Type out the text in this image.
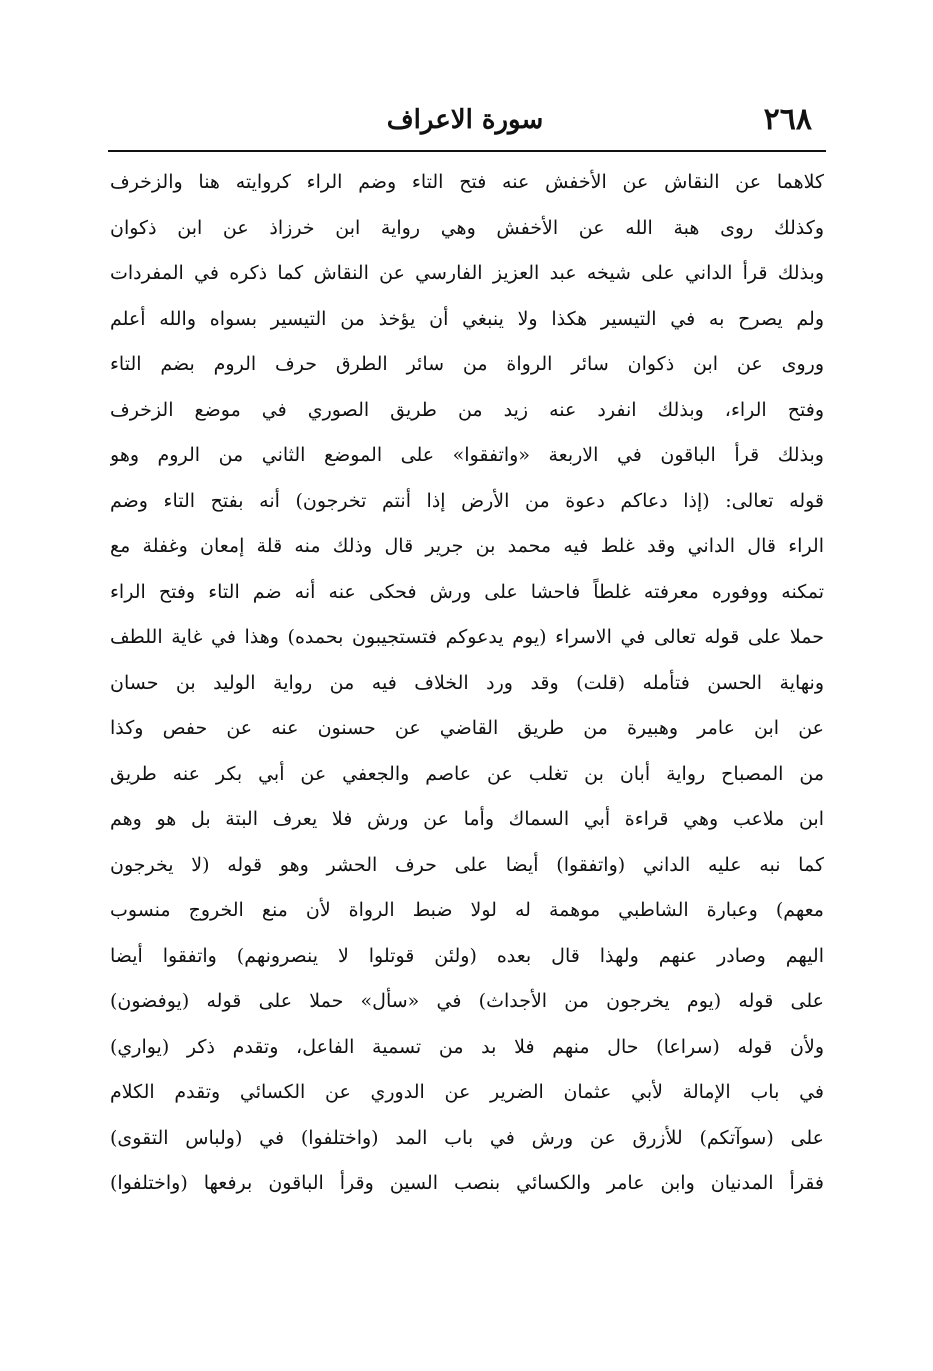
٢٦٨
سورة الاعراف
كلاهما عن النقاش عن الأخفش عنه فتح التاء وضم الراء كروايته هنا والزخرف
وكذلك روى هبة الله عن الأخفش وهي رواية ابن خرزاذ عن ابن ذكوان
وبذلك قرأ الداني على شيخه عبد العزيز الفارسي عن النقاش كما ذكره في المفردات
ولم يصرح به في التيسير هكذا ولا ينبغي أن يؤخذ من التيسير بسواه والله أعلم
وروى عن ابن ذكوان سائر الرواة من سائر الطرق حرف الروم بضم التاء
وفتح الراء، وبذلك انفرد عنه زيد من طريق الصوري في موضع الزخرف
وبذلك قرأ الباقون في الاربعة «واتفقوا» على الموضع الثاني من الروم وهو
قوله تعالى: (إذا دعاكم دعوة من الأرض إذا أنتم تخرجون) أنه بفتح التاء وضم
الراء قال الداني وقد غلط فيه محمد بن جرير قال وذلك منه قلة إمعان وغفلة مع
تمكنه ووفوره معرفته غلطاً فاحشا على ورش فحكى عنه أنه ضم التاء وفتح الراء
حملا على قوله تعالى في الاسراء (يوم يدعوكم فتستجيبون بحمده) وهذا في غاية اللطف
ونهاية الحسن فتأمله (قلت) وقد ورد الخلاف فيه من رواية الوليد بن حسان
عن ابن عامر وهبيرة من طريق القاضي عن حسنون عنه عن حفص وكذا
من المصباح رواية أبان بن تغلب عن عاصم والجعفي عن أبي بكر عنه طريق
ابن ملاعب وهي قراءة أبي السماك وأما عن ورش فلا يعرف البتة بل هو وهم
كما نبه عليه الداني (واتفقوا) أيضا على حرف الحشر وهو قوله (لا يخرجون
معهم) وعبارة الشاطبي موهمة له لولا ضبط الرواة لأن منع الخروج منسوب
اليهم وصادر عنهم ولهذا قال بعده (ولئن قوتلوا لا ينصرونهم) واتفقوا أيضا
على قوله (يوم يخرجون من الأجداث) في «سأل» حملا على قوله (يوفضون)
ولأن قوله (سراعا) حال منهم فلا بد من تسمية الفاعل، وتقدم ذكر (يواري)
في باب الإمالة لأبي عثمان الضرير عن الدوري عن الكسائي وتقدم الكلام
على (سوآتكم) للأزرق عن ورش في باب المد (واختلفوا) في (ولباس التقوى)
فقرأ المدنيان وابن عامر والكسائي بنصب السين وقرأ الباقون برفعها (واختلفوا)
